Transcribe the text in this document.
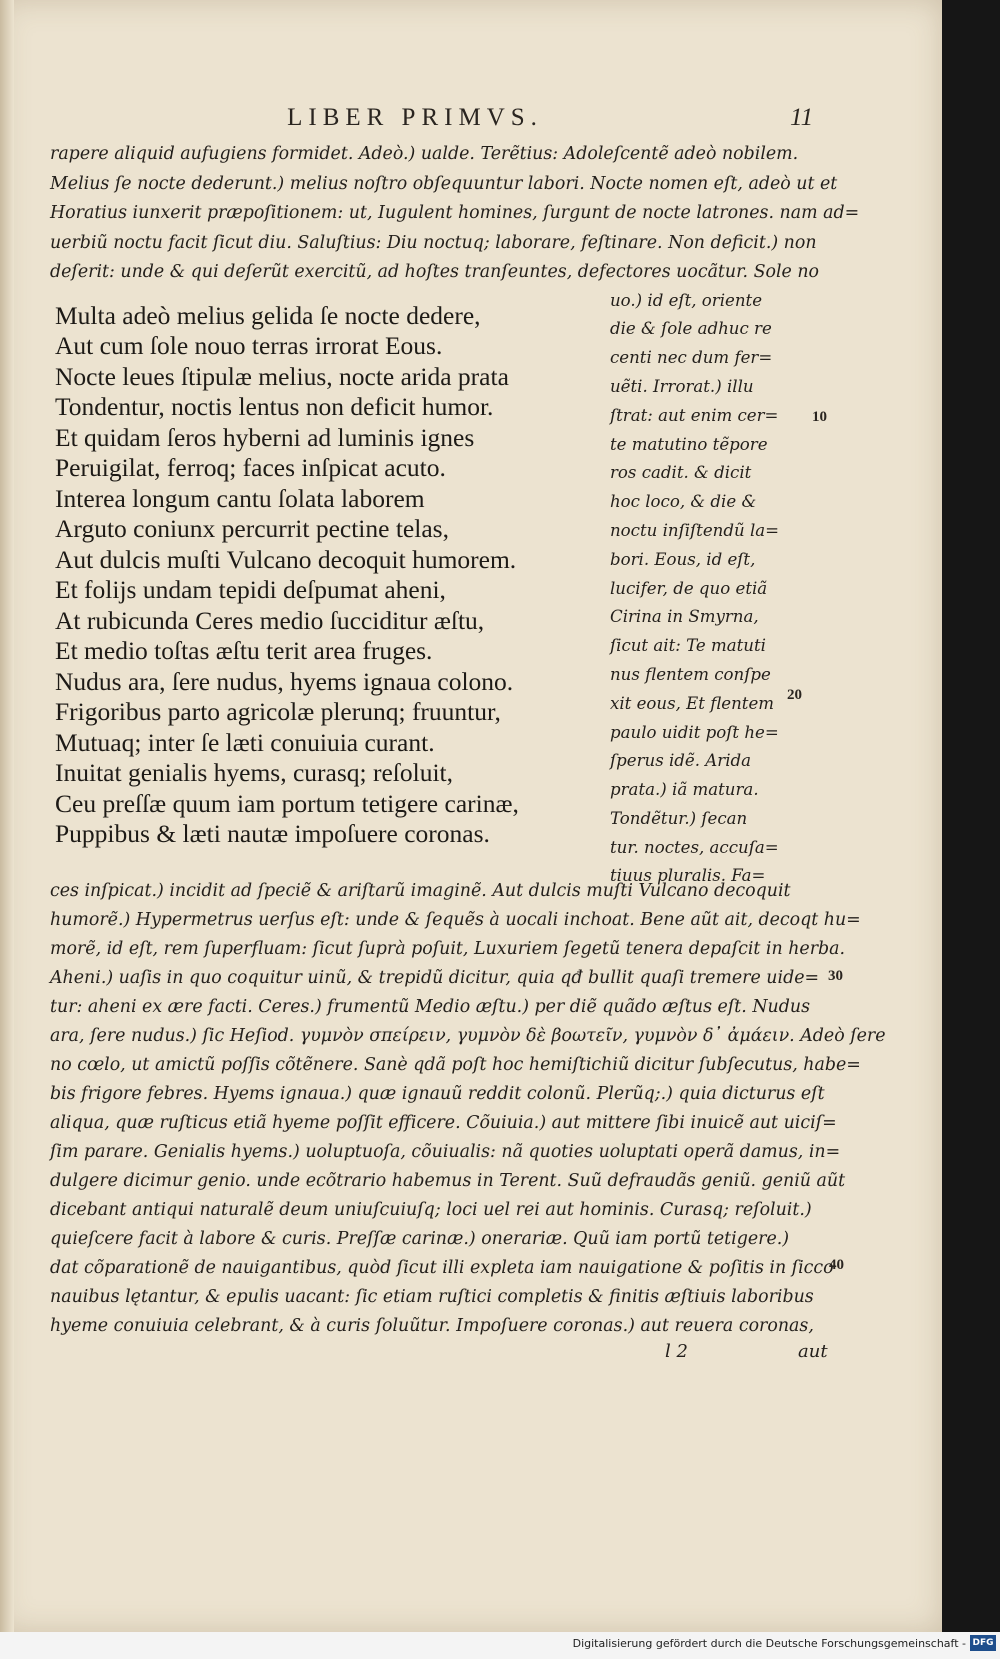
LIBER PRIMVS.	11
rapere aliquid aufugiens formidet. Adeò.) ualde. Terẽtius: Adoleſcentẽ adeò nobilem.
Melius ſe nocte dederunt.) melius noſtro obſequuntur labori. Nocte nomen eſt, adeò ut et
Horatius iunxerit præpoſitionem: ut, Iugulent homines, ſurgunt de nocte latrones. nam ad=
uerbiũ noctu facit ſicut diu. Saluſtius: Diu noctuq; laborare, feſtinare. Non deficit.) non
deſerit: unde & qui deſerũt exercitũ, ad hoſtes tranſeuntes, defectores uocãtur. Sole no
Multa adeò melius gelida ſe nocte dedere,
Aut cum ſole nouo terras irrorat Eous.
Nocte leues ſtipulæ melius, nocte arida prata
Tondentur, noctis lentus non deficit humor.
Et quidam ſeros hyberni ad luminis ignes
Peruigilat, ferroq; faces inſpicat acuto.
Interea longum cantu ſolata laborem
Arguto coniunx percurrit pectine telas,
Aut dulcis muſti Vulcano decoquit humorem.
Et folijs undam tepidi deſpumat aheni,
At rubicunda Ceres medio ſucciditur æſtu,
Et medio toſtas æſtu terit area fruges.
Nudus ara, ſere nudus, hyems ignaua colono.
Frigoribus parto agricolæ plerunq; fruuntur,
Mutuaq; inter ſe læti conuiuia curant.
Inuitat genialis hyems, curasq; reſoluit,
Ceu preſſæ quum iam portum tetigere carinæ,
Puppibus & læti nautæ impoſuere coronas.
uo.) id eſt, oriente
die & ſole adhuc re
centi nec dum fer=
uẽti. Irrorat.) illu
ſtrat: aut enim cer=
te matutino tẽpore
ros cadit. & dicit
hoc loco, & die &
noctu inſiſtendũ la=
bori. Eous, id eſt,
lucifer, de quo etiã
Cirina in Smyrna,
ſicut ait: Te matuti
nus flentem conſpe
xit eous, Et flentem
paulo uidit poſt he=
ſperus idẽ. Arida
prata.) iã matura.
Tondẽtur.) ſecan
tur. noctes, accuſa=
tiuus pluralis. Fa=
ces inſpicat.) incidit ad ſpeciẽ & ariſtarũ imaginẽ. Aut dulcis muſti Vulcano decoquit
humorẽ.) Hypermetrus uerſus eſt: unde & ſequẽs à uocali inchoat. Bene aũt ait, decoqt hu=
morẽ, id eſt, rem ſuperfluam: ſicut ſuprà poſuit, Luxuriem ſegetũ tenera depaſcit in herba.
Aheni.) uaſis in quo coquitur uinũ, & trepidũ dicitur, quia qđ bullit quaſi tremere uide=
tur: aheni ex ære facti. Ceres.) frumentũ Medio æſtu.) per diẽ quãdo æſtus eſt. Nudus
ara, ſere nudus.) ſic Heſiod. γυμνὸν σπείρειν, γυμνὸν δὲ βοωτεῖν, γυμνὸν δ᾽ ἀμάειν. Adeò ſere
no cœlo, ut amictũ poſſis cõtẽnere. Sanè qdã poſt hoc hemiſtichiũ dicitur ſubſecutus, habe=
bis frigore febres. Hyems ignaua.) quæ ignauũ reddit colonũ. Plerũq;.) quia dicturus eſt
aliqua, quæ ruſticus etiã hyeme poſſit efficere. Cõuiuia.) aut mittere ſibi inuicẽ aut uiciſ=
ſim parare. Genialis hyems.) uoluptuoſa, cõuiualis: nã quoties uoluptati operã damus, in=
dulgere dicimur genio. unde ecõtrario habemus in Terent. Suũ defraudãs geniũ. geniũ aũt
dicebant antiqui naturalẽ deum uniuſcuiuſq; loci uel rei aut hominis. Curasq; reſoluit.)
quieſcere facit à labore & curis. Preſſæ carinæ.) onerariæ. Quũ iam portũ tetigere.)
dat cõparationẽ de nauigantibus, quòd ſicut illi expleta iam nauigatione & poſitis in ſicco
nauibus lętantur, & epulis uacant: ſic etiam ruſtici completis & finitis æſtiuis laboribus
hyeme conuiuia celebrant, & à curis ſoluũtur. Impoſuere coronas.) aut reuera coronas,
10
20
30
40
l 2	aut
Digitalisierung gefördert durch die Deutsche Forschungsgemeinschaft - DFG
